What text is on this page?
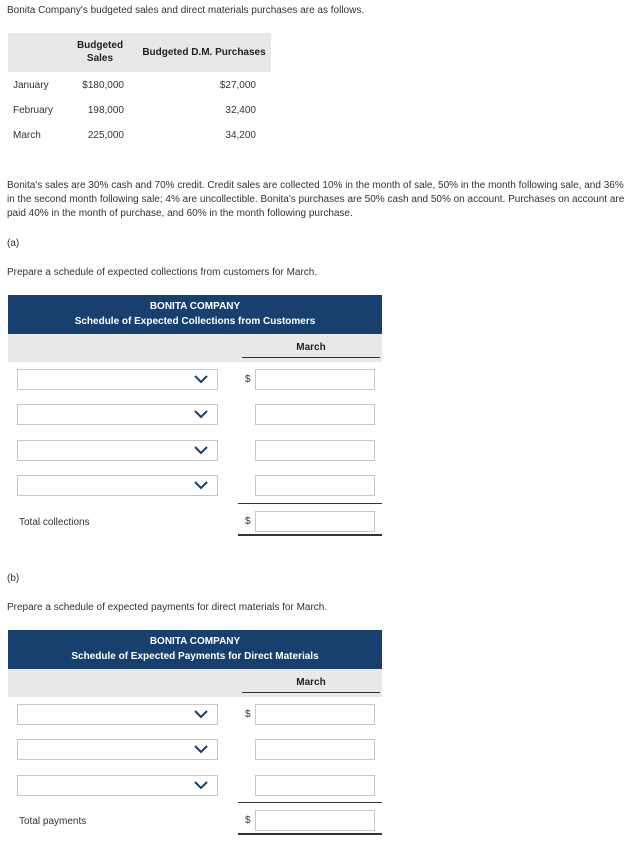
Bonita Company's budgeted sales and direct materials purchases are as follows.

Budgeted
Sales
Budgeted D.M. Purchases
January	$180,000	$27,000
February	198,000	32,400
March	225,000	34,200

Bonita's sales are 30% cash and 70% credit. Credit sales are collected 10% in the month of sale, 50% in the month following sale, and 36% in the second month following sale; 4% are uncollectible. Bonita's purchases are 50% cash and 50% on account. Purchases on account are paid 40% in the month of purchase, and 60% in the month following purchase.

(a)

Prepare a schedule of expected collections from customers for March.

BONITA COMPANY
Schedule of Expected Collections from Customers
March
$
Total collections	$

(b)

Prepare a schedule of expected payments for direct materials for March.

BONITA COMPANY
Schedule of Expected Payments for Direct Materials
March
$
Total payments	$
